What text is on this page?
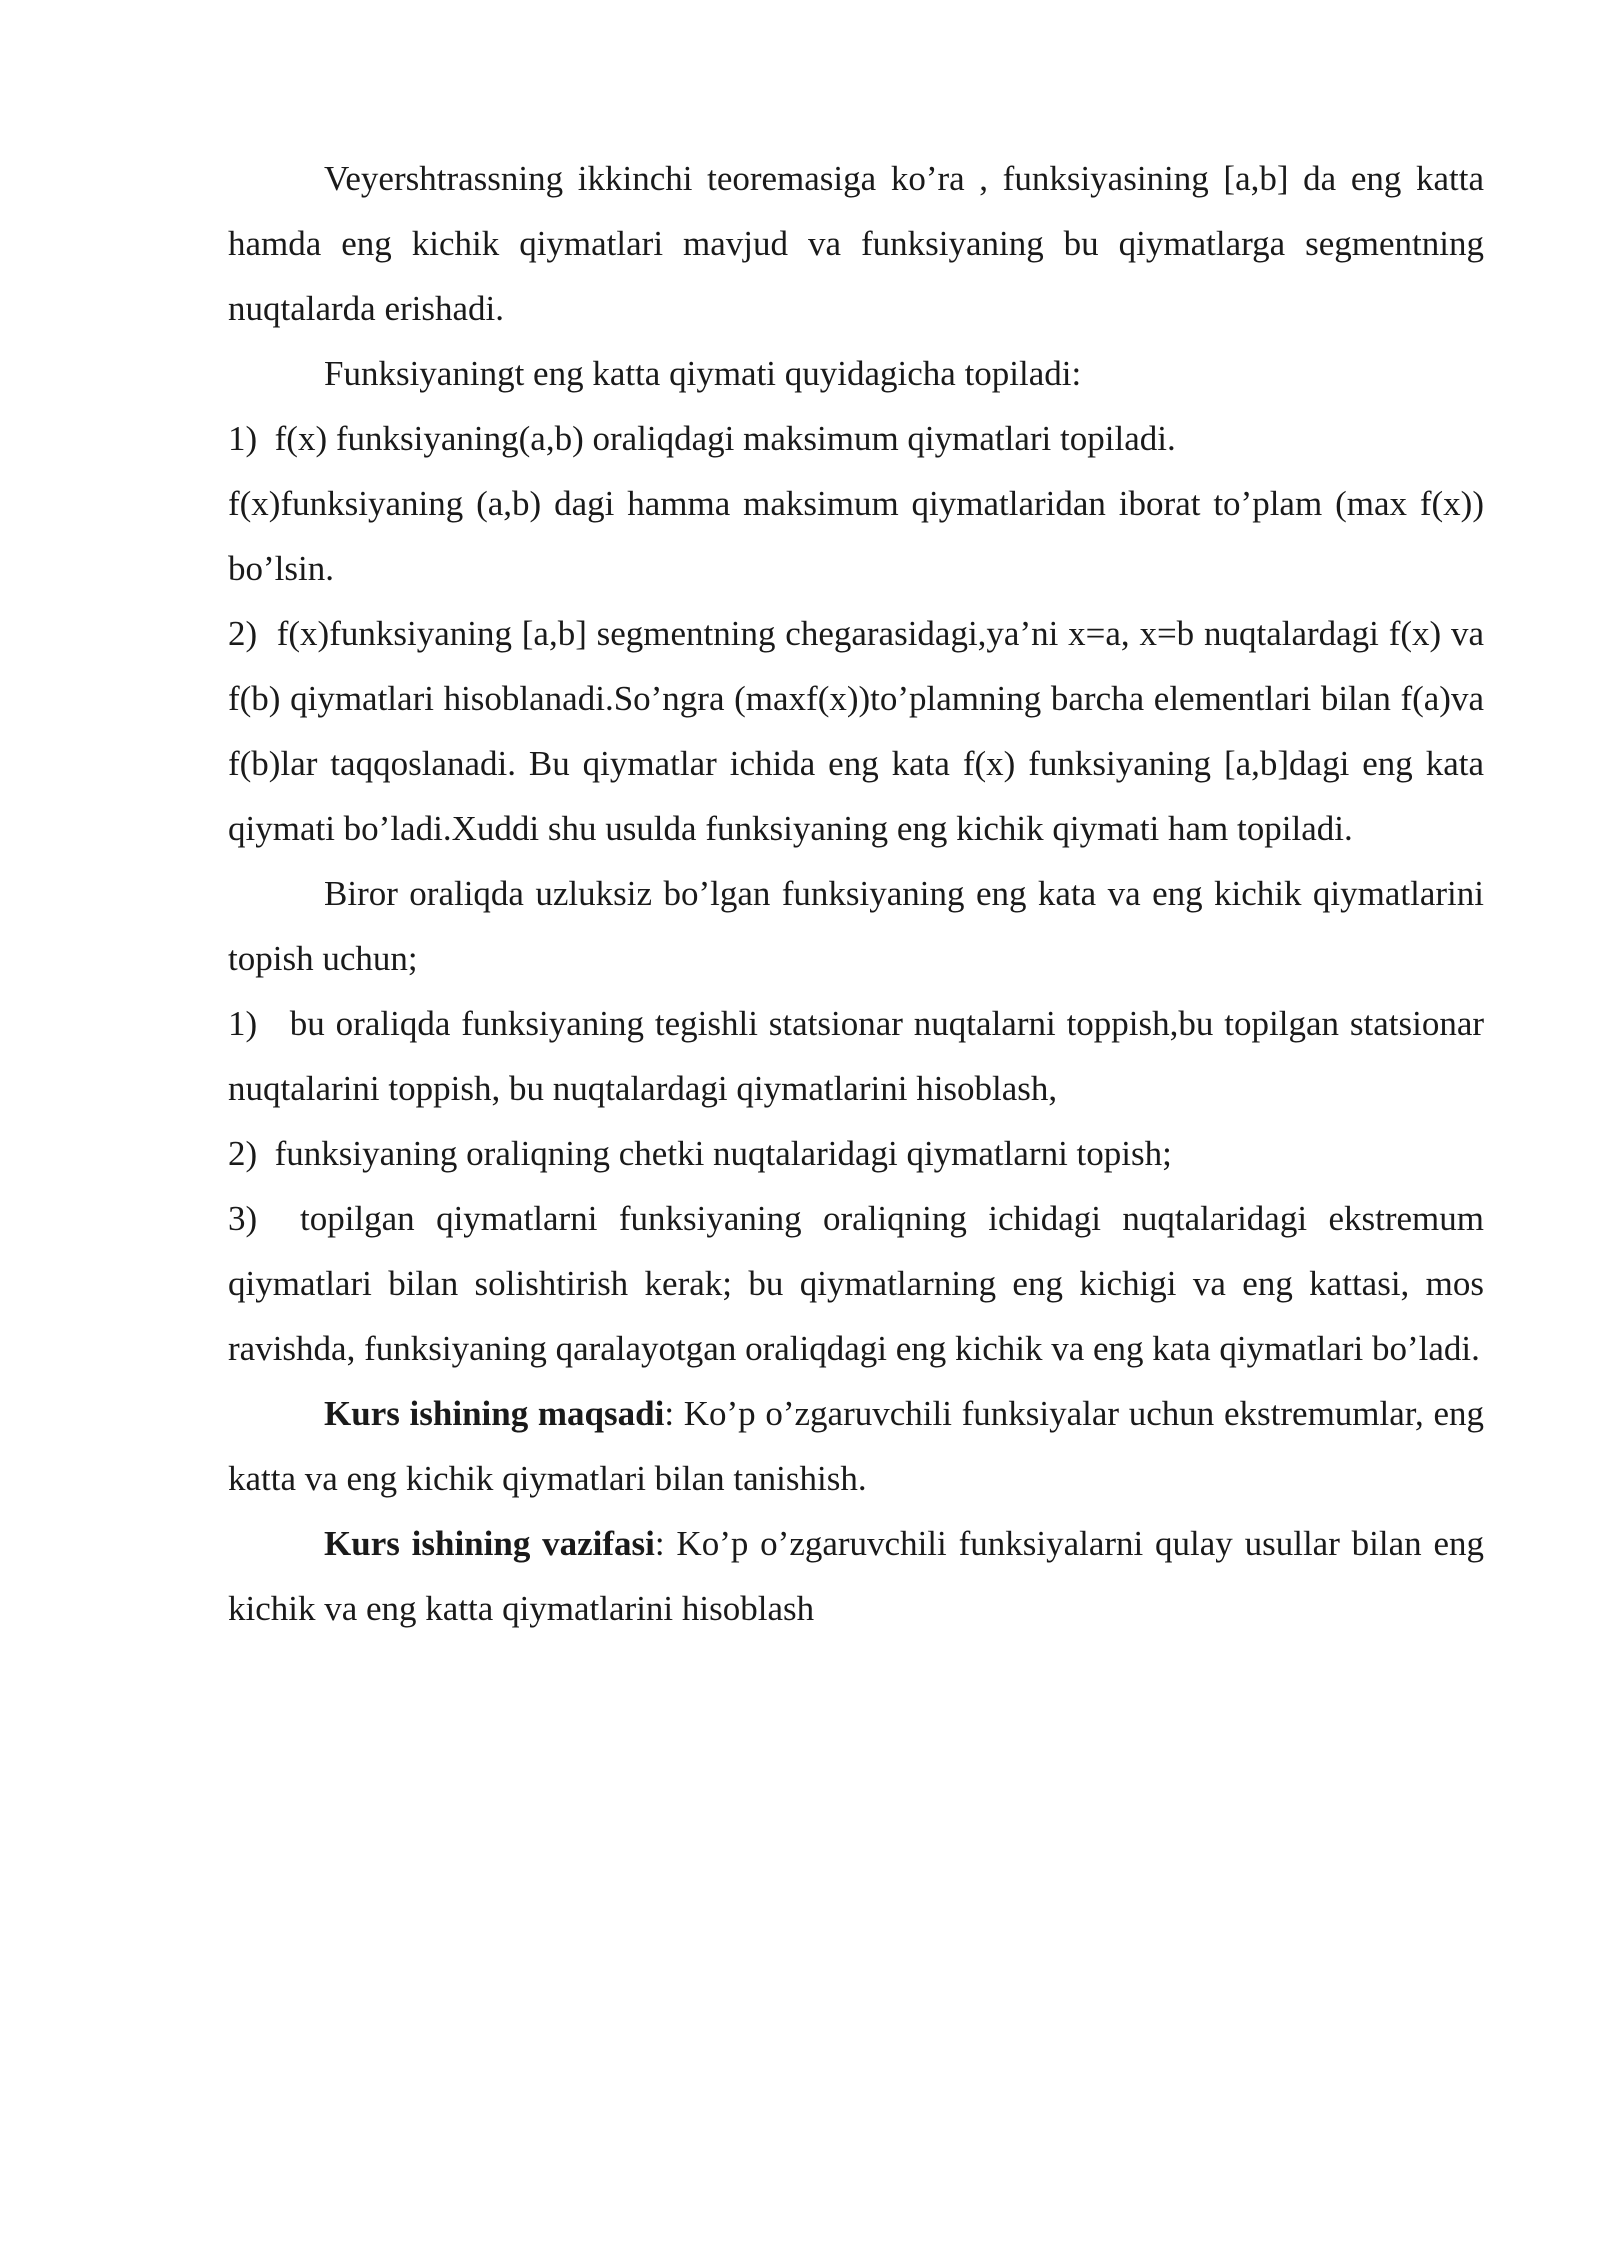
Veyershtrassning ikkinchi teoremasiga ko’ra , funksiyasining [a,b] da eng katta hamda eng kichik qiymatlari mavjud va funksiyaning bu qiymatlarga segmentning nuqtalarda erishadi.

Funksiyaningt eng katta qiymati quyidagicha topiladi:

1)  f(x) funksiyaning(a,b) oraliqdagi maksimum qiymatlari topiladi.

f(x)funksiyaning (a,b) dagi hamma maksimum qiymatlaridan iborat to’plam (max f(x)) bo’lsin.

2)  f(x)funksiyaning [a,b] segmentning chegarasidagi,ya’ni x=a, x=b nuqtalardagi f(x) va f(b) qiymatlari hisoblanadi.So’ngra (maxf(x))to’plamning barcha elementlari bilan f(a)va f(b)lar taqqoslanadi. Bu qiymatlar ichida eng kata f(x) funksiyaning [a,b]dagi eng kata qiymati bo’ladi.Xuddi shu usulda funksiyaning eng kichik qiymati ham topiladi.

Biror oraliqda uzluksiz bo’lgan funksiyaning eng kata va eng kichik qiymatlarini topish uchun;

1)   bu oraliqda funksiyaning tegishli statsionar nuqtalarni toppish,bu topilgan statsionar nuqtalarini toppish, bu nuqtalardagi qiymatlarini hisoblash,

2)  funksiyaning oraliqning chetki nuqtalaridagi qiymatlarni topish;

3)  topilgan qiymatlarni funksiyaning oraliqning ichidagi nuqtalaridagi ekstremum qiymatlari bilan solishtirish kerak; bu qiymatlarning eng kichigi va eng kattasi, mos ravishda, funksiyaning qaralayotgan oraliqdagi eng kichik va eng kata qiymatlari bo’ladi.

Kurs ishining maqsadi: Ko’p o’zgaruvchili funksiyalar uchun ekstremumlar, eng katta va eng kichik qiymatlari bilan tanishish.

Kurs ishining vazifasi: Ko’p o’zgaruvchili funksiyalarni qulay usullar bilan eng kichik va eng katta qiymatlarini hisoblash
